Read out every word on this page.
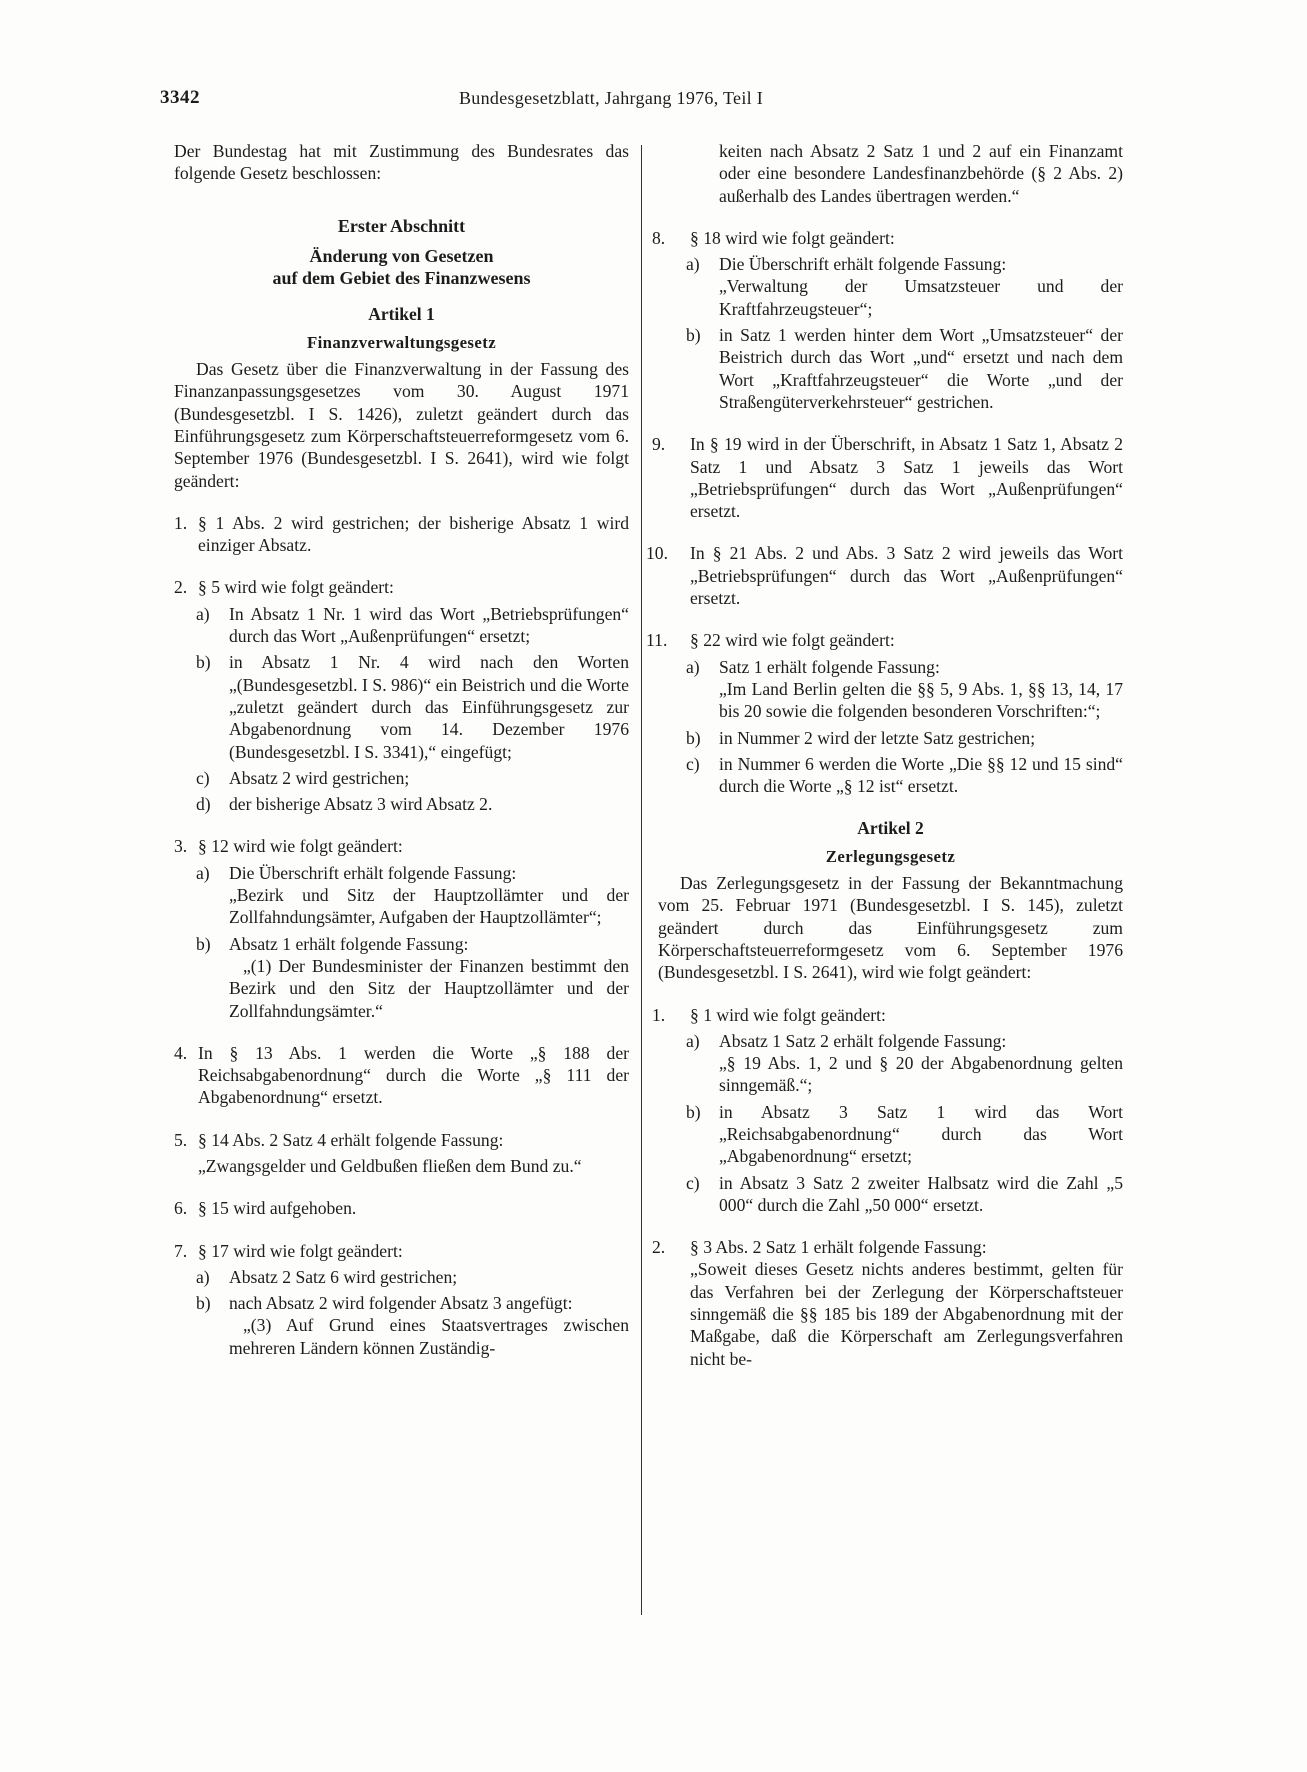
3342	Bundesgesetzblatt, Jahrgang 1976, Teil I

Der Bundestag hat mit Zustimmung des Bundesrates das folgende Gesetz beschlossen:

Erster Abschnitt

Änderung von Gesetzen

auf dem Gebiet des Finanzwesens

Artikel 1

Finanzverwaltungsgesetz

Das Gesetz über die Finanzverwaltung in der Fassung des Finanzanpassungsgesetzes vom 30. August 1971 (Bundesgesetzbl. I S. 1426), zuletzt geändert durch das Einführungsgesetz zum Körperschaftsteuerreformgesetz vom 6. September 1976 (Bundesgesetzbl. I S. 2641), wird wie folgt geändert:

1. § 1 Abs. 2 wird gestrichen; der bisherige Absatz 1 wird einziger Absatz.
2. § 5 wird wie folgt geändert:
a) In Absatz 1 Nr. 1 wird das Wort „Betriebsprüfungen“ durch das Wort „Außenprüfungen“ ersetzt;
b) in Absatz 1 Nr. 4 wird nach den Worten „(Bundesgesetzbl. I S. 986)“ ein Beistrich und die Worte „zuletzt geändert durch das Einführungsgesetz zur Abgabenordnung vom 14. Dezember 1976 (Bundesgesetzbl. I S. 3341),“ eingefügt;
c) Absatz 2 wird gestrichen;
d) der bisherige Absatz 3 wird Absatz 2.
3. § 12 wird wie folgt geändert:
a) Die Überschrift erhält folgende Fassung:
„Bezirk und Sitz der Hauptzollämter und der Zollfahndungsämter, Aufgaben der Hauptzollämter“;
b) Absatz 1 erhält folgende Fassung:
„(1) Der Bundesminister der Finanzen bestimmt den Bezirk und den Sitz der Hauptzollämter und der Zollfahndungsämter.“
4. In § 13 Abs. 1 werden die Worte „§ 188 der Reichsabgabenordnung“ durch die Worte „§ 111 der Abgabenordnung“ ersetzt.
5. § 14 Abs. 2 Satz 4 erhält folgende Fassung:
„Zwangsgelder und Geldbußen fließen dem Bund zu.“
6. § 15 wird aufgehoben.
7. § 17 wird wie folgt geändert:
a) Absatz 2 Satz 6 wird gestrichen;
b) nach Absatz 2 wird folgender Absatz 3 angefügt:
„(3) Auf Grund eines Staatsvertrages zwischen mehreren Ländern können Zuständig-
keiten nach Absatz 2 Satz 1 und 2 auf ein Finanzamt oder eine besondere Landesfinanzbehörde (§ 2 Abs. 2) außerhalb des Landes übertragen werden.“
8. § 18 wird wie folgt geändert:
a) Die Überschrift erhält folgende Fassung:
„Verwaltung der Umsatzsteuer und der Kraftfahrzeugsteuer“;
b) in Satz 1 werden hinter dem Wort „Umsatzsteuer“ der Beistrich durch das Wort „und“ ersetzt und nach dem Wort „Kraftfahrzeugsteuer“ die Worte „und der Straßengüterverkehrsteuer“ gestrichen.
9. In § 19 wird in der Überschrift, in Absatz 1 Satz 1, Absatz 2 Satz 1 und Absatz 3 Satz 1 jeweils das Wort „Betriebsprüfungen“ durch das Wort „Außenprüfungen“ ersetzt.
10. In § 21 Abs. 2 und Abs. 3 Satz 2 wird jeweils das Wort „Betriebsprüfungen“ durch das Wort „Außenprüfungen“ ersetzt.
11. § 22 wird wie folgt geändert:
a) Satz 1 erhält folgende Fassung:
„Im Land Berlin gelten die §§ 5, 9 Abs. 1, §§ 13, 14, 17 bis 20 sowie die folgenden besonderen Vorschriften:“;
b) in Nummer 2 wird der letzte Satz gestrichen;
c) in Nummer 6 werden die Worte „Die §§ 12 und 15 sind“ durch die Worte „§ 12 ist“ ersetzt.

Artikel 2

Zerlegungsgesetz

Das Zerlegungsgesetz in der Fassung der Bekanntmachung vom 25. Februar 1971 (Bundesgesetzbl. I S. 145), zuletzt geändert durch das Einführungsgesetz zum Körperschaftsteuerreformgesetz vom 6. September 1976 (Bundesgesetzbl. I S. 2641), wird wie folgt geändert:

1. § 1 wird wie folgt geändert:
a) Absatz 1 Satz 2 erhält folgende Fassung:
„§ 19 Abs. 1, 2 und § 20 der Abgabenordnung gelten sinngemäß.“;
b) in Absatz 3 Satz 1 wird das Wort „Reichsabgabenordnung“ durch das Wort „Abgabenordnung“ ersetzt;
c) in Absatz 3 Satz 2 zweiter Halbsatz wird die Zahl „5 000“ durch die Zahl „50 000“ ersetzt.
2. § 3 Abs. 2 Satz 1 erhält folgende Fassung:
„Soweit dieses Gesetz nichts anderes bestimmt, gelten für das Verfahren bei der Zerlegung der Körperschaftsteuer sinngemäß die §§ 185 bis 189 der Abgabenordnung mit der Maßgabe, daß die Körperschaft am Zerlegungsverfahren nicht be-
